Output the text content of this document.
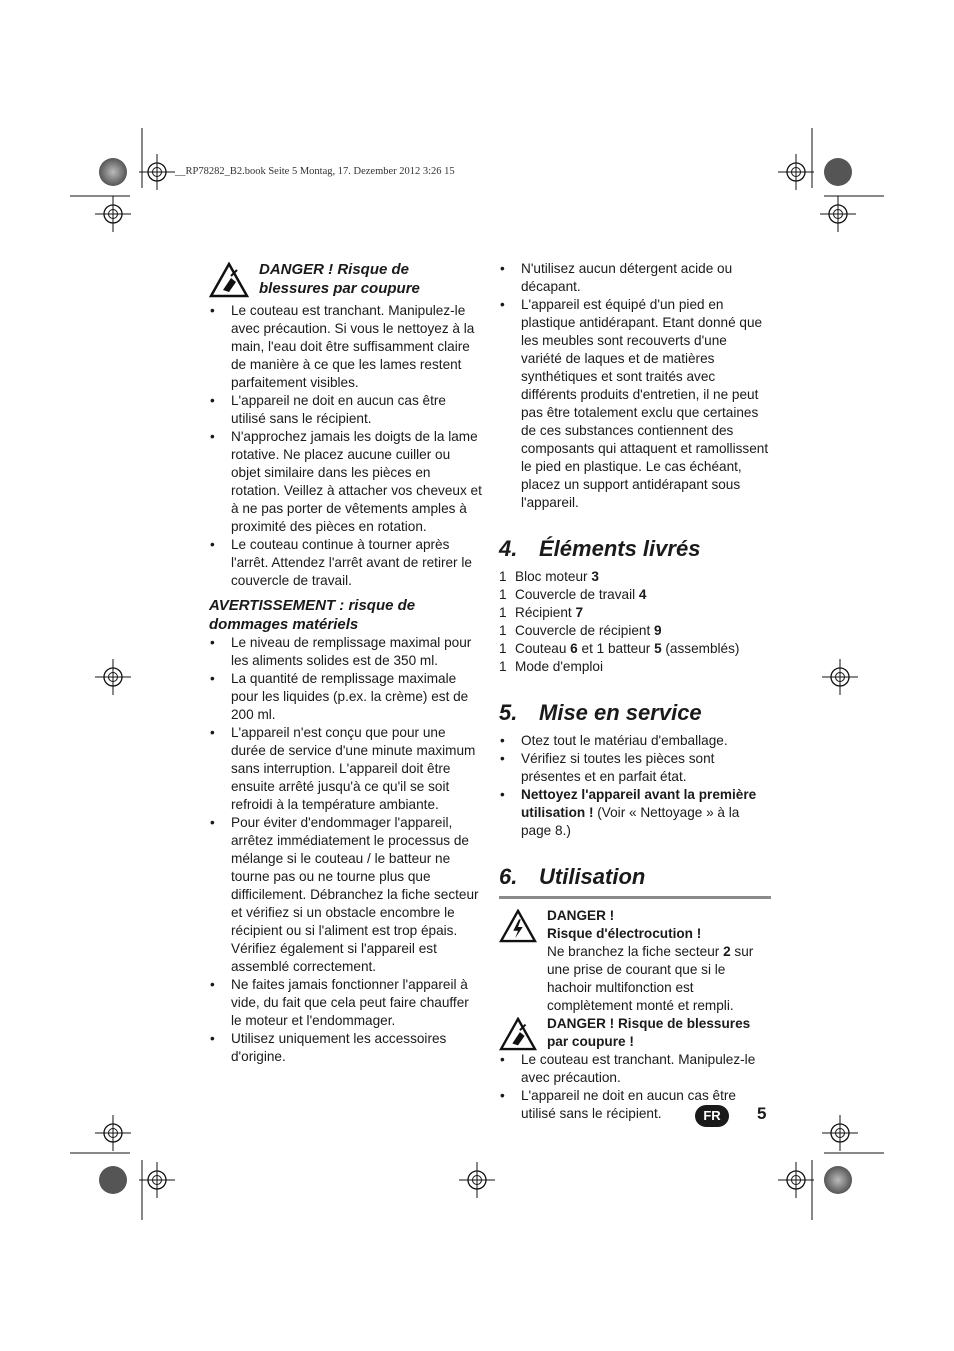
__RP78282_B2.book Seite 5 Montag, 17. Dezember 2012 3:26 15
DANGER ! Risque de blessures par coupure
• Le couteau est tranchant. Manipulez-le avec précaution. Si vous le nettoyez à la main, l'eau doit être suffisamment claire de manière à ce que les lames restent parfaitement visibles.
• L'appareil ne doit en aucun cas être utilisé sans le récipient.
• N'approchez jamais les doigts de la lame rotative. Ne placez aucune cuiller ou objet similaire dans les pièces en rotation. Veillez à attacher vos cheveux et à ne pas porter de vêtements amples à proximité des pièces en rotation.
• Le couteau continue à tourner après l'arrêt. Attendez l'arrêt avant de retirer le couvercle de travail.
AVERTISSEMENT : risque de dommages matériels
• Le niveau de remplissage maximal pour les aliments solides est de 350 ml.
• La quantité de remplissage maximale pour les liquides (p.ex. la crème) est de 200 ml.
• L'appareil n'est conçu que pour une durée de service d'une minute maximum sans interruption. L'appareil doit être ensuite arrêté jusqu'à ce qu'il se soit refroidi à la température ambiante.
• Pour éviter d'endommager l'appareil, arrêtez immédiatement le processus de mélange si le couteau / le batteur ne tourne pas ou ne tourne plus que difficilement. Débranchez la fiche secteur et vérifiez si un obstacle encombre le récipient ou si l'aliment est trop épais. Vérifiez également si l'appareil est assemblé correctement.
• Ne faites jamais fonctionner l'appareil à vide, du fait que cela peut faire chauffer le moteur et l'endommager.
• Utilisez uniquement les accessoires d'origine.
• N'utilisez aucun détergent acide ou décapant.
• L'appareil est équipé d'un pied en plastique antidérapant. Etant donné que les meubles sont recouverts d'une variété de laques et de matières synthétiques et sont traités avec différents produits d'entretien, il ne peut pas être totalement exclu que certaines de ces substances contiennent des composants qui attaquent et ramollissent le pied en plastique. Le cas échéant, placez un support antidérapant sous l'appareil.
4. Éléments livrés
1 Bloc moteur 3
1 Couvercle de travail 4
1 Récipient 7
1 Couvercle de récipient 9
1 Couteau 6 et 1 batteur 5 (assemblés)
1 Mode d'emploi
5. Mise en service
• Otez tout le matériau d'emballage.
• Vérifiez si toutes les pièces sont présentes et en parfait état.
• Nettoyez l'appareil avant la première utilisation ! (Voir « Nettoyage » à la page 8.)
6. Utilisation
DANGER !
Risque d'électrocution !
Ne branchez la fiche secteur 2 sur une prise de courant que si le hachoir multifonction est complètement monté et rempli.
DANGER ! Risque de blessures par coupure !
• Le couteau est tranchant. Manipulez-le avec précaution.
• L'appareil ne doit en aucun cas être utilisé sans le récipient.	FR	5
